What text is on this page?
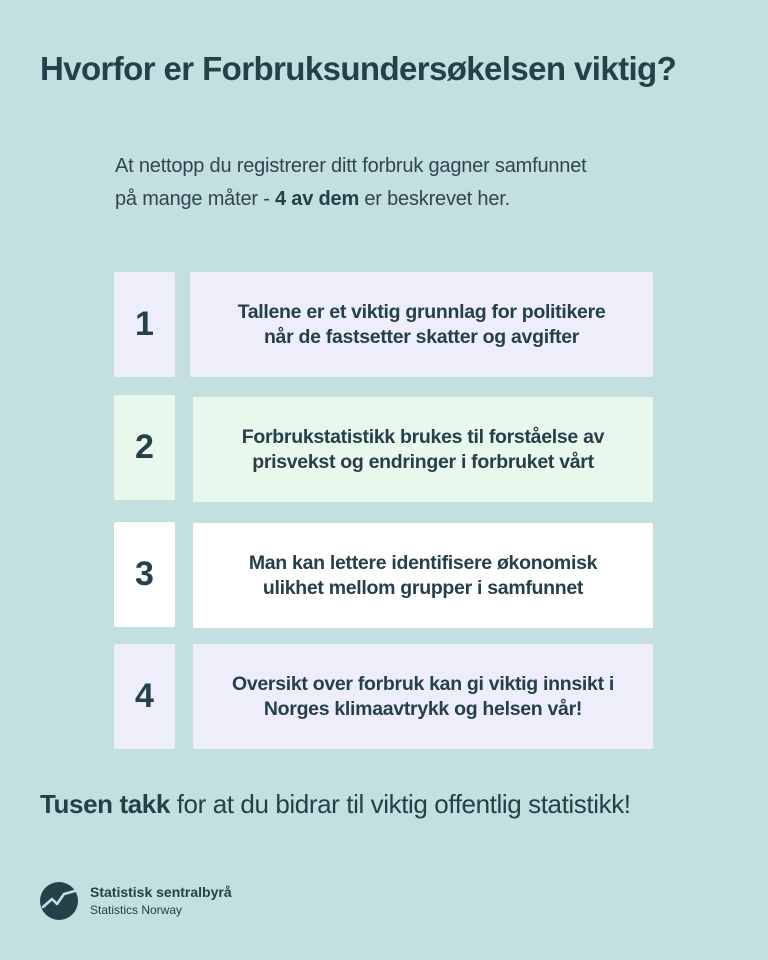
Hvorfor er Forbruksundersøkelsen viktig?
At nettopp du registrerer ditt forbruk gagner samfunnet
på mange måter - 4 av dem er beskrevet her.
1	Tallene er et viktig grunnlag for politikere
når de fastsetter skatter og avgifter
2	Forbrukstatistikk brukes til forståelse av
prisvekst og endringer i forbruket vårt
3	Man kan lettere identifisere økonomisk
ulikhet mellom grupper i samfunnet
4	Oversikt over forbruk kan gi viktig innsikt i
Norges klimaavtrykk og helsen vår!
Tusen takk for at du bidrar til viktig offentlig statistikk!
Statistisk sentralbyrå
Statistics Norway
